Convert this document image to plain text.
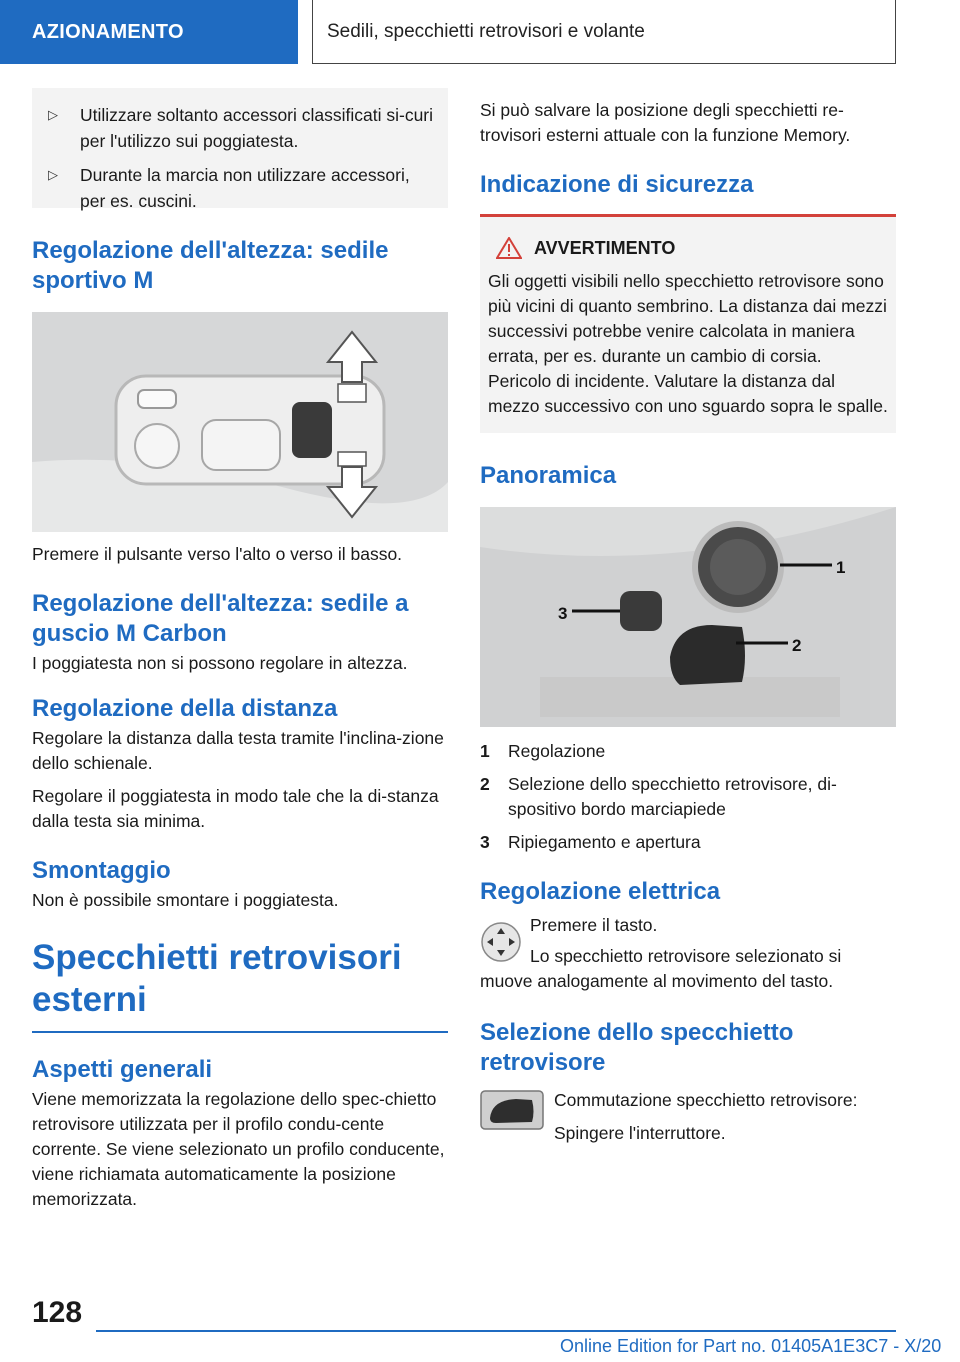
AZIONAMENTO	Sedili, specchietti retrovisori e volante
▷	Utilizzare soltanto accessori classificati si-curi per l'utilizzo sui poggiatesta.
▷	Durante la marcia non utilizzare accessori, per es. cuscini.
Regolazione dell'altezza: sedile sportivo M

Premere il pulsante verso l'alto o verso il basso.

Regolazione dell'altezza: sedile a guscio M Carbon

I poggiatesta non si possono regolare in altezza.

Regolazione della distanza

Regolare la distanza dalla testa tramite l'inclina-zione dello schienale.

Regolare il poggiatesta in modo tale che la di-stanza dalla testa sia minima.

Smontaggio

Non è possibile smontare i poggiatesta.

Specchietti retrovisori esterni
Aspetti generali

Viene memorizzata la regolazione dello spec-chietto retrovisore utilizzata per il profilo condu-cente corrente. Se viene selezionato un profilo conducente, viene richiamata automaticamente la posizione memorizzata.

Si può salvare la posizione degli specchietti re-trovisori esterni attuale con la funzione Memory.

Indicazione di sicurezza
AVVERTIMENTO

Gli oggetti visibili nello specchietto retrovisore sono più vicini di quanto sembrino. La distanza dai mezzi successivi potrebbe venire calcolata in maniera errata, per es. durante un cambio di corsia. Pericolo di incidente. Valutare la distanza dal mezzo successivo con uno sguardo sopra le spalle.

Panoramica
1
2
3
1	Regolazione
2	Selezione dello specchietto retrovisore, di-spositivo bordo marciapiede
3	Ripiegamento e apertura
Regolazione elettrica

Premere il tasto.

Lo specchietto retrovisore selezionato si muove analogamente al movimento del tasto.

Selezione dello specchietto retrovisore

Commutazione specchietto retrovisore:

Spingere l'interruttore.

128
Online Edition for Part no. 01405A1E3C7 - X/20
